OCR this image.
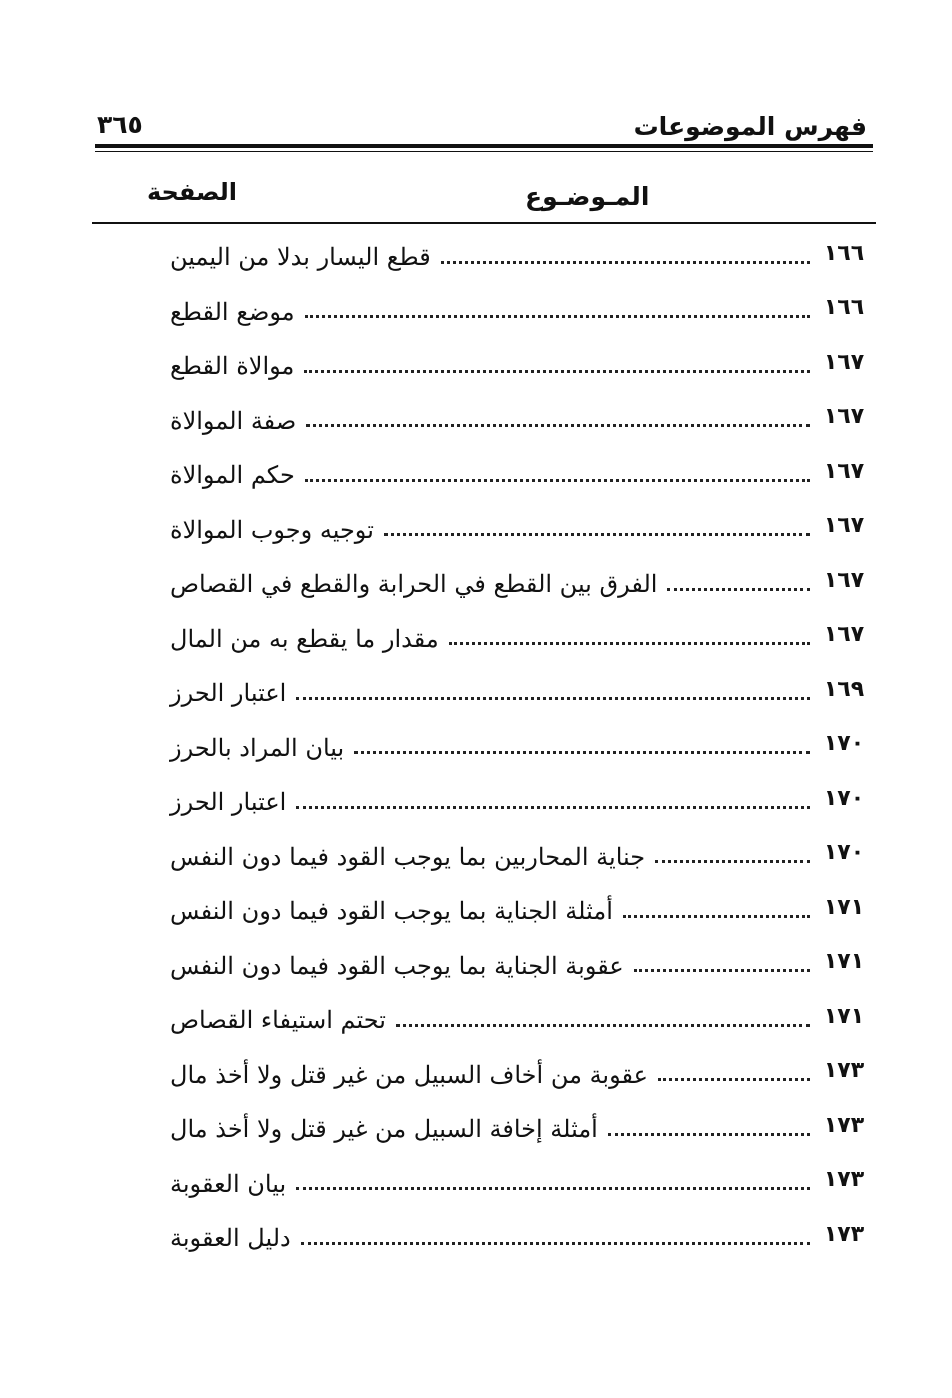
فهرس الموضوعات
٣٦٥
المـوضـوع
الصفحة
قطع اليسار بدلا من اليمين	١٦٦
موضع القطع	١٦٦
موالاة القطع	١٦٧
صفة الموالاة	١٦٧
حكم الموالاة	١٦٧
توجيه وجوب الموالاة	١٦٧
الفرق بين القطع في الحرابة والقطع في القصاص	١٦٧
مقدار ما يقطع به من المال	١٦٧
اعتبار الحرز	١٦٩
بيان المراد بالحرز	١٧٠
اعتبار الحرز	١٧٠
جناية المحاربين بما يوجب القود فيما دون النفس	١٧٠
أمثلة الجناية بما يوجب القود فيما دون النفس	١٧١
عقوبة الجناية بما يوجب القود فيما دون النفس	١٧١
تحتم استيفاء القصاص	١٧١
عقوبة من أخاف السبيل من غير قتل ولا أخذ مال	١٧٣
أمثلة إخافة السبيل من غير قتل ولا أخذ مال	١٧٣
بيان العقوبة	١٧٣
دليل العقوبة	١٧٣
